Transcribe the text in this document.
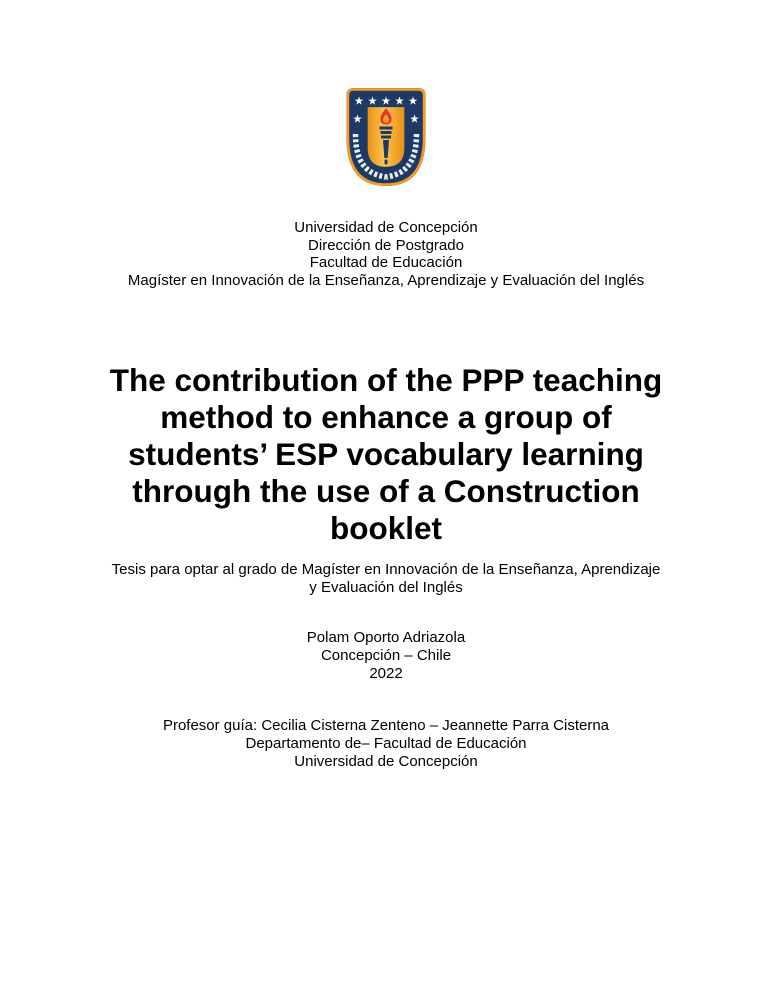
Universidad de Concepción
Dirección de Postgrado
Facultad de Educación
Magíster en Innovación de la Enseñanza, Aprendizaje y Evaluación del Inglés
The contribution of the PPP teaching
method to enhance a group of
students’ ESP vocabulary learning
through the use of a Construction
booklet
Tesis para optar al grado de Magíster en Innovación de la Enseñanza, Aprendizaje
y Evaluación del Inglés
Polam Oporto Adriazola
Concepción – Chile
2022
Profesor guía: Cecilia Cisterna Zenteno – Jeannette Parra Cisterna
Departamento de– Facultad de Educación
Universidad de Concepción
